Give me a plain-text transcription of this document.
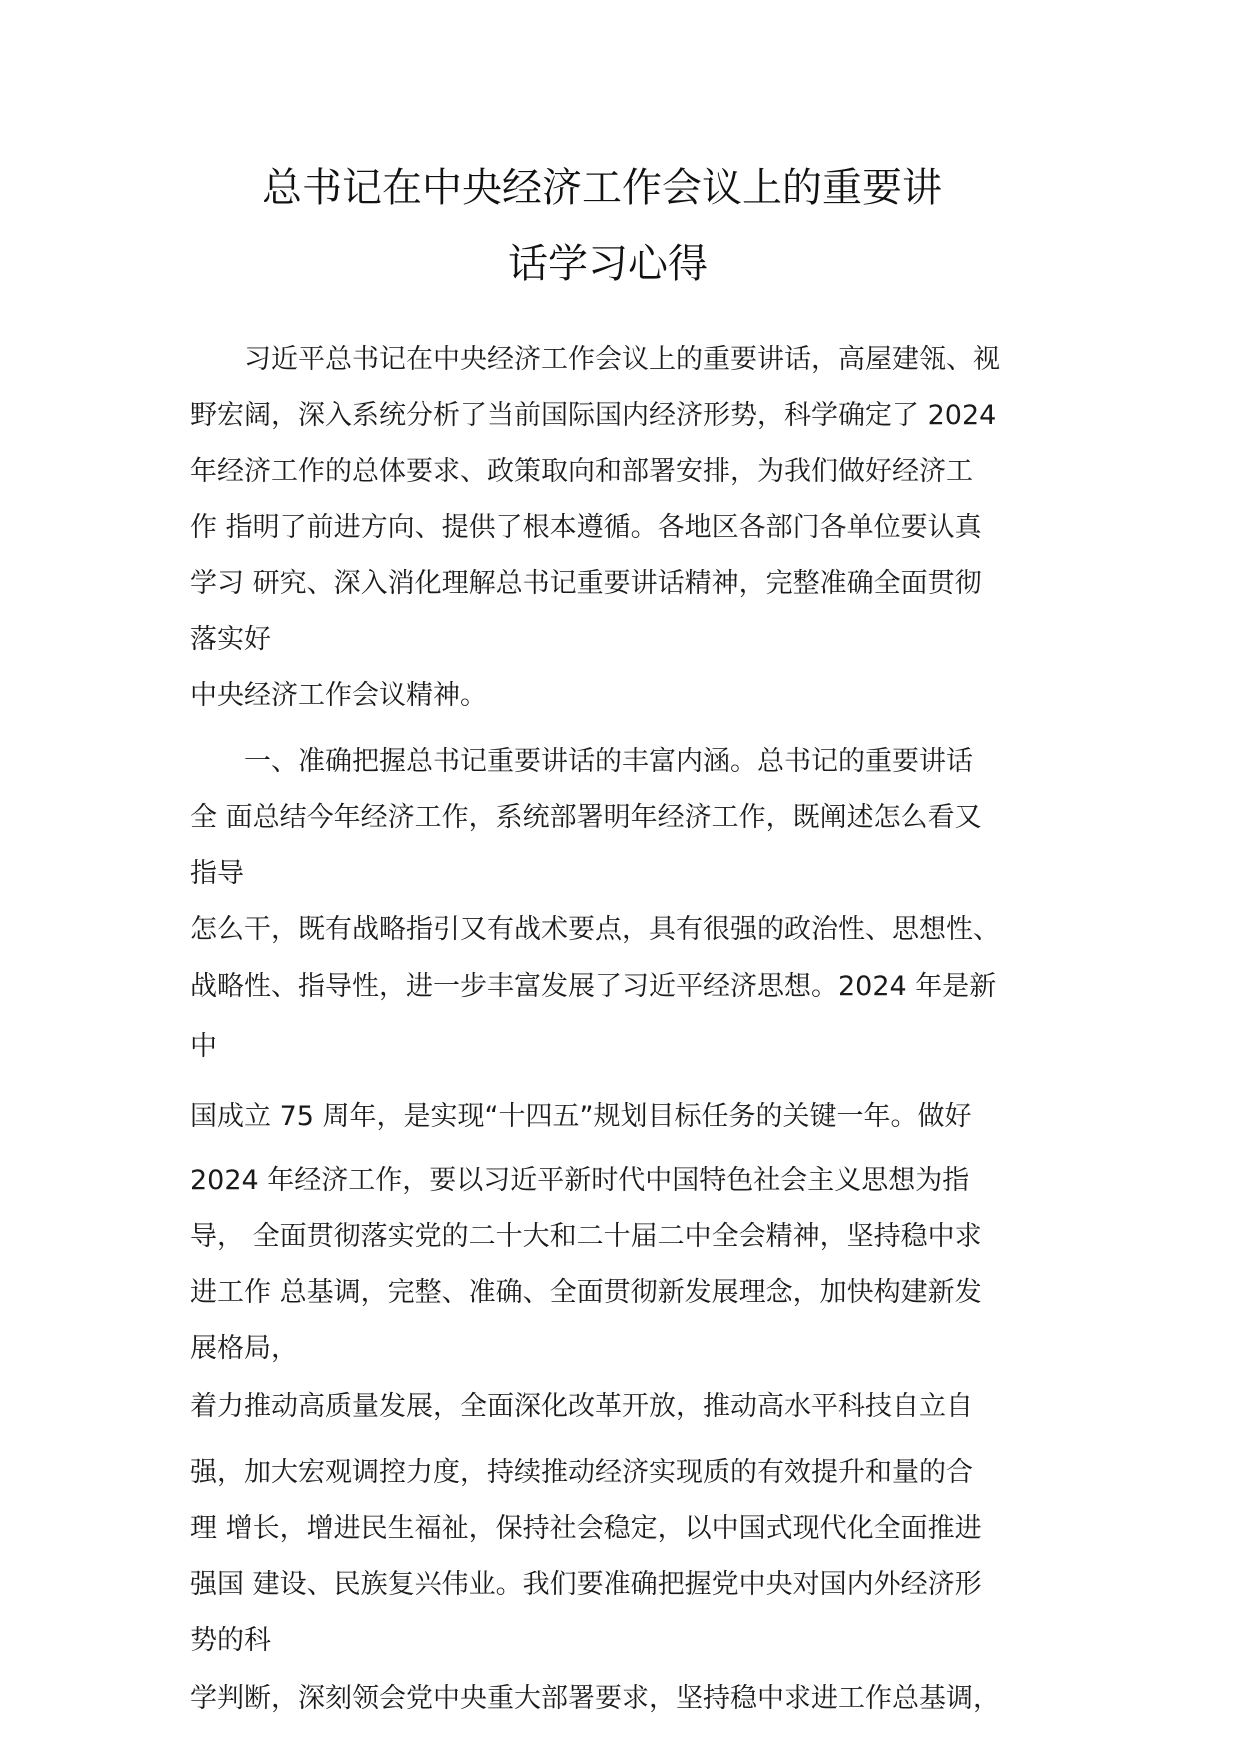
总书记在中央经济工作会议上的重要讲
话学习心得
　　习近平总书记在中央经济工作会议上的重要讲话，高屋建瓴、视
野宏阔，深入系统分析了当前国际国内经济形势，科学确定了 2024
年经济工作的总体要求、政策取向和部署安排，为我们做好经济工
作 指明了前进方向、提供了根本遵循。各地区各部门各单位要认真
学习 研究、深入消化理解总书记重要讲话精神，完整准确全面贯彻
落实好
中央经济工作会议精神。
　　一、准确把握总书记重要讲话的丰富内涵。总书记的重要讲话
全 面总结今年经济工作，系统部署明年经济工作，既阐述怎么看又
指导
怎么干，既有战略指引又有战术要点，具有很强的政治性、思想性、
战略性、指导性，进一步丰富发展了习近平经济思想。2024 年是新
中
国成立 75 周年，是实现“十四五”规划目标任务的关键一年。做好
2024 年经济工作，要以习近平新时代中国特色社会主义思想为指
导， 全面贯彻落实党的二十大和二十届二中全会精神，坚持稳中求
进工作 总基调，完整、准确、全面贯彻新发展理念，加快构建新发
展格局，
着力推动高质量发展，全面深化改革开放，推动高水平科技自立自
强，加大宏观调控力度，持续推动经济实现质的有效提升和量的合
理 增长，增进民生福祉，保持社会稳定，以中国式现代化全面推进
强国 建设、民族复兴伟业。我们要准确把握党中央对国内外经济形
势的科
学判断，深刻领会党中央重大部署要求，坚持稳中求进工作总基调，
